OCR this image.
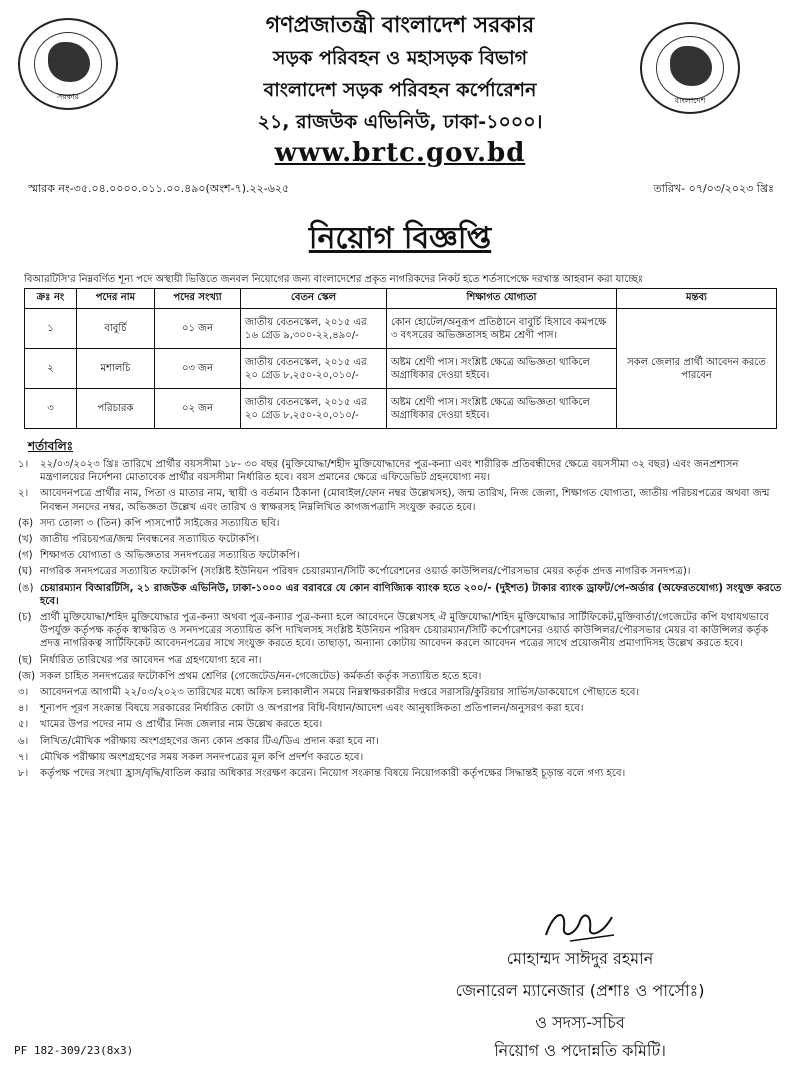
সরকার	বাংলাদেশ
গণপ্রজাতন্ত্রী বাংলাদেশ সরকার
সড়ক পরিবহন ও মহাসড়ক বিভাগ
বাংলাদেশ সড়ক পরিবহন কর্পোরেশন
২১, রাজউক এভিনিউ, ঢাকা-১০০০।
www.brtc.gov.bd
স্মারক নং-৩৫.০৪.০০০০.০১১.০০.৪৯০(অংশ-৭).২২-৬২৫	তারিখ- ০৭/০৩/২০২৩ খ্রিঃ
নিয়োগ বিজ্ঞপ্তি
বিআরটিসি'র নিম্নবর্ণিত শূন্য পদে অস্থায়ী ভিত্তিতে জনবল নিয়োগের জন্য বাংলাদেশের প্রকৃত নাগরিকদের নিকট হতে শর্তসাপেক্ষে দরখাস্ত আহবান করা যাচ্ছেঃ
ক্রঃ নং	পদের নাম	পদের সংখ্যা	বেতন স্কেল	শিক্ষাগত যোগ্যতা	মন্তব্য
১	বাবুর্চি	০১ জন	জাতীয় বেতনস্কেল, ২০১৫ এর ১৬ গ্রেড ৯,৩০০-২২,৪৯০/-	কোন হোটেল/অনুরূপ প্রতিষ্ঠানে বাবুর্চি হিসাবে কমপক্ষে ৩ বৎসরের অভিজ্ঞতাসহ অষ্টম শ্রেণী পাস।	সকল জেলার প্রার্থী আবেদন করতে পারবেন
২	মশালচি	০৩ জন	জাতীয় বেতনস্কেল, ২০১৫ এর ২০ গ্রেড ৮,২৫০-২০,০১০/-	অষ্টম শ্রেণী পাস। সংশ্লিষ্ট ক্ষেত্রে অভিজ্ঞতা থাকিলে অগ্রাধিকার দেওয়া হইবে।	
৩	পরিচারক	০২ জন	জাতীয় বেতনস্কেল, ২০১৫ এর ২০ গ্রেড ৮,২৫০-২০,০১০/-	অষ্টম শ্রেণী পাস। সংশ্লিষ্ট ক্ষেত্রে অভিজ্ঞতা থাকিলে অগ্রাধিকার দেওয়া হইবে।	
শর্তাবলিঃ
১।	২২/০৩/২০২৩ খ্রিঃ তারিখে প্রার্থীর বয়সসীমা ১৮- ৩০ বছর (মুক্তিযোদ্ধা/শহীদ মুক্তিযোদ্ধাদের পুত্র-কন্যা এবং শারীরিক প্রতিবন্ধীদের ক্ষেত্রে বয়সসীমা ৩২ বছর) এবং জনপ্রশাসন মন্ত্রণালয়ের নির্দেশনা মোতাবেক প্রার্থীর বয়সসীমা নির্ধারিত হবে। বয়স প্রমানের ক্ষেত্রে এফিডেভিট গ্রহনযোগ্য নয়।
২।	আবেদনপত্রে প্রার্থীর নাম, পিতা ও মাতার নাম, স্থায়ী ও বর্তমান ঠিকানা (মোবাইল/ফোন নম্বর উল্লেখসহ), জন্ম তারিখ, নিজ জেলা, শিক্ষাগত যোগ্যতা, জাতীয় পরিচয়পত্রের অথবা জন্ম নিবন্ধন সনদের নম্বর, অভিজ্ঞতা উল্লেখ এবং তারিখ ও স্বাক্ষরসহ নিম্নলিখিত কাগজপত্রাদি সংযুক্ত করতে হবে।
(ক) সদ্য তোলা ৩ (তিন) কপি পাসপোর্ট সাইজের সত্যায়িত ছবি।
(খ) জাতীয় পরিচয়পত্র/জন্ম নিবন্ধনের সত্যায়িত ফটোকপি।
(গ) শিক্ষাগত যোগ্যতা ও অভিজ্ঞতার সনদপত্রের সত্যায়িত ফটোকপি।
(ঘ) নাগরিক সনদপত্রের সত্যায়িত ফটোকপি (সংশ্লিষ্ট ইউনিয়ন পরিষদ চেয়ারম্যান/সিটি কর্পোরেশনের ওয়ার্ড কাউন্সিলর/পৌরসভার মেয়র কর্তৃক প্রদত্ত নাগরিক সনদপত্র)।
(ঙ) চেয়ারম্যান বিআরটিসি, ২১ রাজউক এভিনিউ, ঢাকা-১০০০ এর বরাবরে যে কোন বাণিজ্যিক ব্যাংক হতে ২০০/- (দুইশত) টাকার ব্যাংক ড্রাফট/পে-অর্ডার (অফেরতযোগ্য) সংযুক্ত করতে হবে।
(চ) প্রার্থী মুক্তিযোদ্ধা/শহিদ মুক্তিযোদ্ধার পুত্র-কন্যা অথবা পুত্র-কন্যার পুত্র-কন্যা হলে আবেদনে উল্লেখসহ ঐ মুক্তিযোদ্ধা/শহিদ মুক্তিযোদ্ধার সার্টিফিকেট,মুক্তিবার্তা/গেজেটের কপি যথাযথভাবে উপর্যুক্ত কর্তৃপক্ষ কর্তৃক স্বাক্ষরিত ও সনদপত্রের সত্যায়িত কপি দাখিলসহ সংশ্লিষ্ট ইউনিয়ন পরিষদ চেয়ারম্যান/সিটি কর্পোরেশনের ওয়ার্ড কাউন্সিলর/পৌরসভার মেয়র বা কাউন্সিলর কর্তৃক প্রদত্ত নাগরিকত্ব সার্টিফিকেট আবেদনপত্রের সাথে সংযুক্ত করতে হবে। তাছাড়া, অন্যান্য কোটায় আবেদন করলে আবেদন পত্রের সাথে প্রয়োজনীয় প্রমাণাদিসহ উল্লেখ করতে হবে।
(ছ) নির্ধারিত তারিখের পর আবেদন পত্র গ্রহণযোগ্য হবে না।
(জ) সকল চাহিত সনদপত্রের ফটোকপি প্রথম শ্রেণির (গেজেটেড/নন-গেজেটেড) কর্মকর্তা কর্তৃক সত্যায়িত হতে হবে।
৩।	আবেদনপত্র আগামী ২২/০৩/২০২৩ তারিখের মধ্যে অফিস চলাকালীন সময়ে নিম্নস্বাক্ষরকারীর দপ্তরে সরাসরি/কুরিয়ার সার্ভিস/ডাকযোগে পৌছাতে হবে।
৪।	শূন্যপদ পূরণ সংক্রান্ত বিষয়ে সরকারের নির্ধারিত কোটা ও অপরাপর বিধি-বিধান/আদেশ এবং আনুষাঙ্গিকতা প্রতিপালন/অনুসরণ করা হবে।
৫।	খামের উপর পদের নাম ও প্রার্থীর নিজ জেলার নাম উল্লেখ করতে হবে।
৬।	লিখিত/মৌখিক পরীক্ষায় অংশগ্রহণের জন্য কোন প্রকার টিএ/ডিএ প্রদান করা হবে না।
৭।	মৌখিক পরীক্ষায় অংশগ্রহণের সময় সকল সনদপত্রের মূল কপি প্রদর্শণ করতে হবে।
৮।	কর্তৃপক্ষ পদের সংখ্যা হ্রাস/বৃদ্ধি/বাতিল করার অধিকার সংরক্ষণ করেন। নিয়োগ সংক্রান্ত বিষয়ে নিয়োগকারী কর্তৃপক্ষের সিদ্ধান্তই চূড়ান্ত বলে গণ্য হবে।
মোহাম্মদ সাঈদুর রহমান
জেনারেল ম্যানেজার (প্রশাঃ ও পার্সোঃ)
ও সদস্য-সচিব
নিয়োগ ও পদোন্নতি কমিটি।
PF 182-309/23(8x3)
